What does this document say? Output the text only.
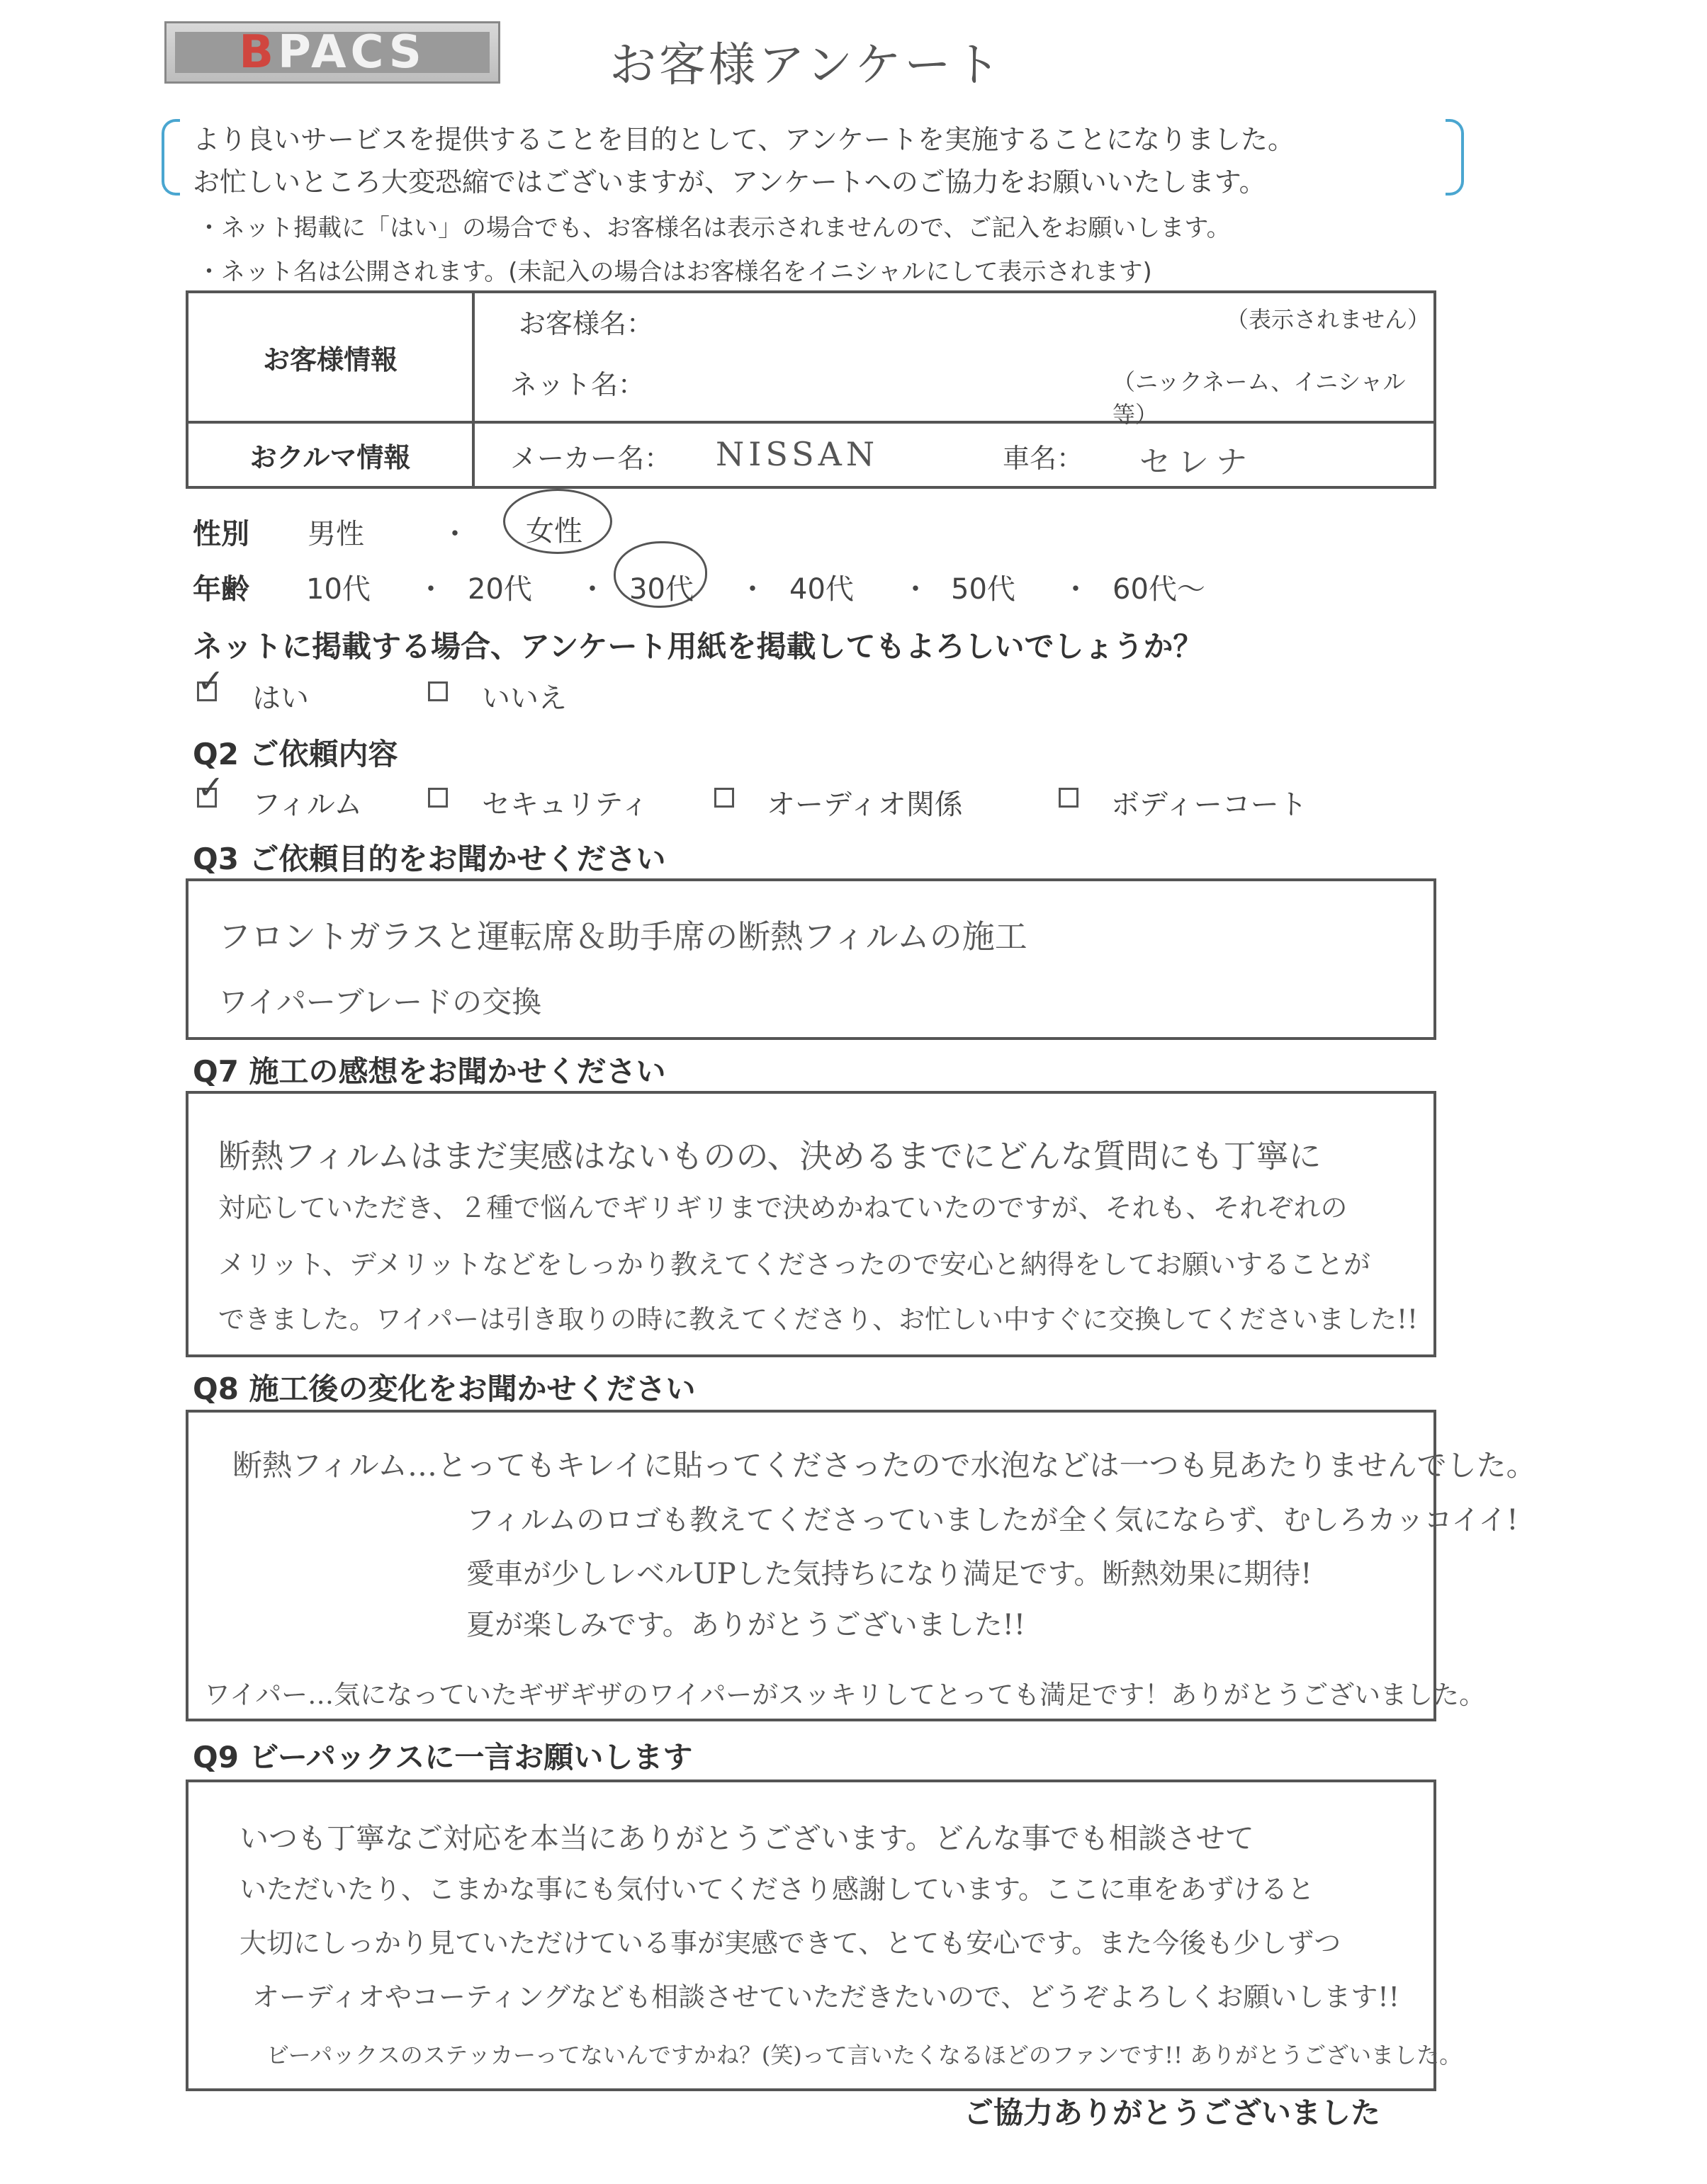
BPACS	お客様アンケート
より良いサービスを提供することを目的として、アンケートを実施することになりました。
お忙しいところ大変恐縮ではございますが、アンケートへのご協力をお願いいたします。
・ネット掲載に「はい」の場合でも、お客様名は表示されませんので、ご記入をお願いします。
・ネット名は公開されます。(未記入の場合はお客様名をイニシャルにして表示されます)
お客様情報	お客様名： （表示されません）
ネット名： （ニックネーム、イニシャル等）

おクルマ情報	メーカー名： NISSAN 車名： セレナ
性別 男性	・ 女性
年齢 10代 ・ 20代 ・ 30代 ・ 40代 ・ 50代 ・ 60代～
ネットに掲載する場合、アンケート用紙を掲載してもよろしいでしょうか？
✓ はい	いいえ
Q2 ご依頼内容
✓ フィルム	セキュリティ	オーディオ関係	ボディーコート
Q3 ご依頼目的をお聞かせください
フロントガラスと運転席＆助手席の断熱フィルムの施工
ワイパーブレードの交換
Q7 施工の感想をお聞かせください
断熱フィルムはまだ実感はないものの、決めるまでにどんな質問にも丁寧に
対応していただき、２種で悩んでギリギリまで決めかねていたのですが、それも、それぞれの
メリット、デメリットなどをしっかり教えてくださったので安心と納得をしてお願いすることが
できました。ワイパーは引き取りの時に教えてくださり、お忙しい中すぐに交換してくださいました!!
Q8 施工後の変化をお聞かせください
断熱フィルム…とってもキレイに貼ってくださったので水泡などは一つも見あたりませんでした。
フィルムのロゴも教えてくださっていましたが全く気にならず、むしろカッコイイ!
愛車が少しレベルUPした気持ちになり満足です。断熱効果に期待!
夏が楽しみです。ありがとうございました!!
ワイパー…気になっていたギザギザのワイパーがスッキリしてとっても満足です！ありがとうございました。
Q9 ビーパックスに一言お願いします
いつも丁寧なご対応を本当にありがとうございます。どんな事でも相談させて
いただいたり、こまかな事にも気付いてくださり感謝しています。ここに車をあずけると
大切にしっかり見ていただけている事が実感できて、とても安心です。また今後も少しずつ
オーディオやコーティングなども相談させていただきたいので、どうぞよろしくお願いします!!
ビーパックスのステッカーってないんですかね？(笑)って言いたくなるほどのファンです!! ありがとうございました。
ご協力ありがとうございました
